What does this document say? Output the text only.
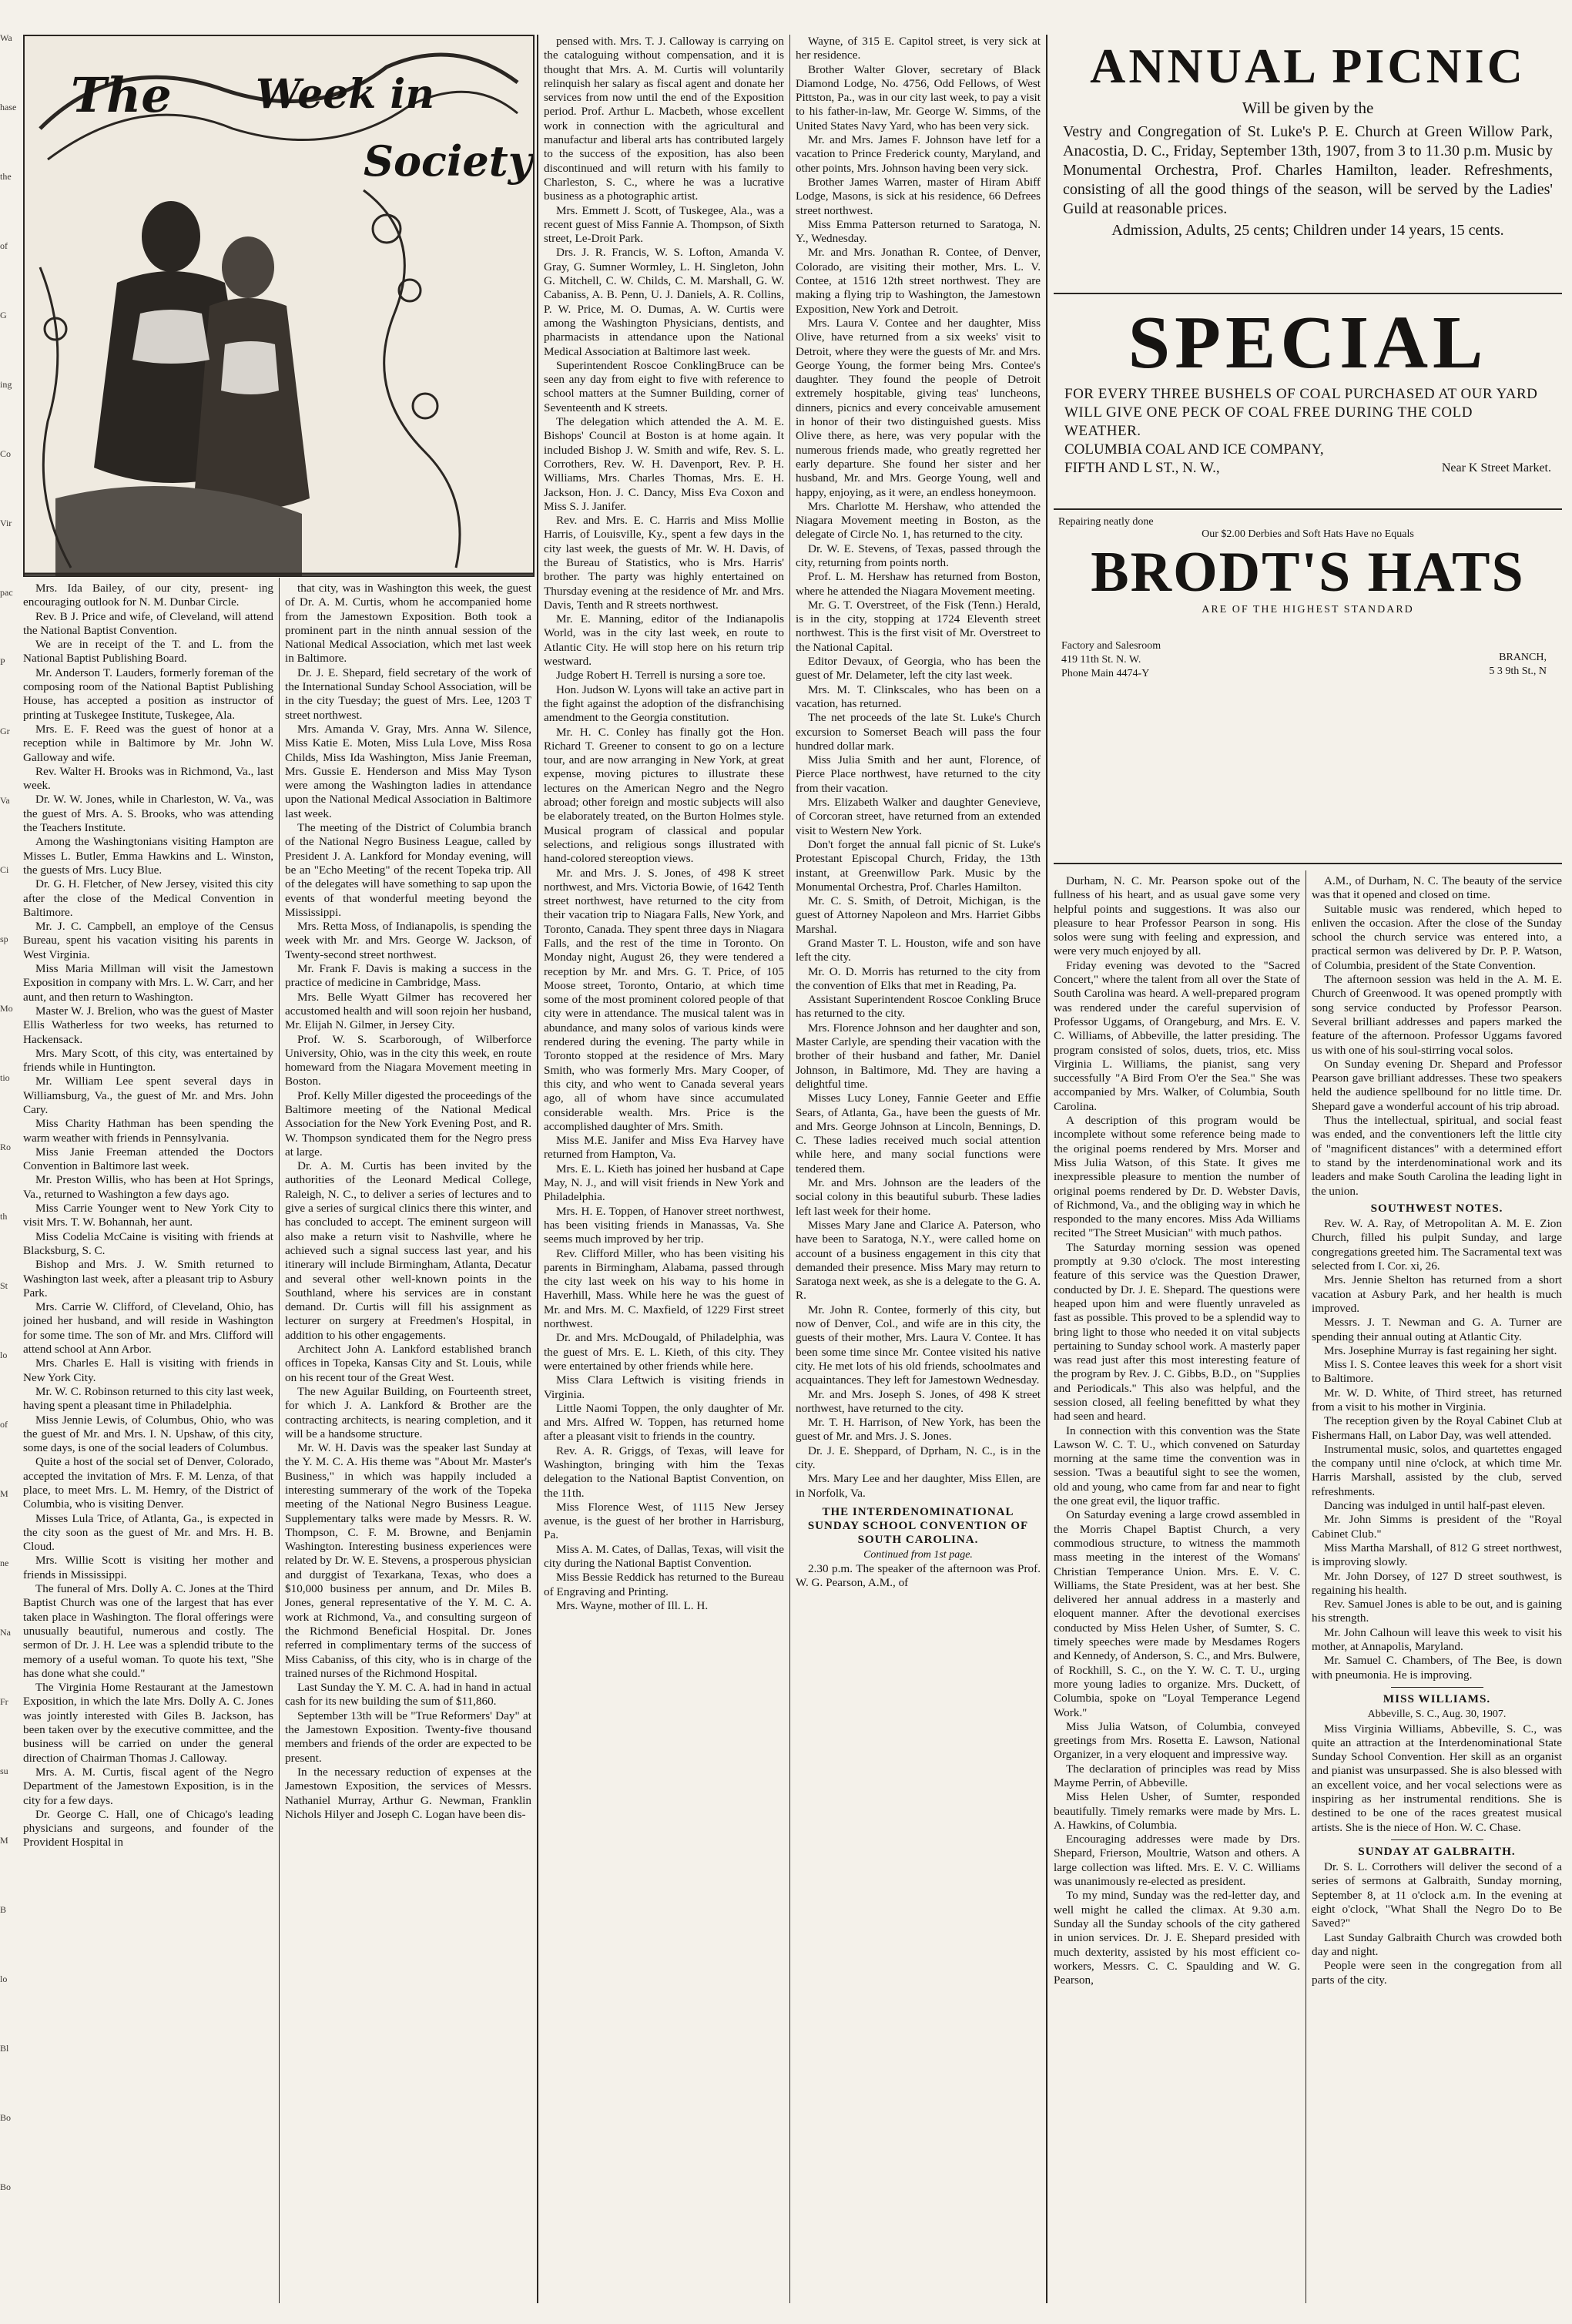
Wa
hase
the
of
G
ing
Co
Vir
pac
P
Gr
Va
Ci
sp
Mo
tio
Ro
th
St
lo
of
M
ne
Na
Fr
su
M
B
lo
Bl
Bo
Bo
The Week in
Society

Mrs. Ida Bailey, of our city, present- ing encouraging outlook for N. M. Dunbar Circle.

Rev. B J. Price and wife, of Cleveland, will attend the National Baptist Convention.

We are in receipt of the T. and L. from the National Baptist Publishing Board.

Mr. Anderson T. Lauders, formerly foreman of the composing room of the National Baptist Publishing House, has accepted a position as instructor of printing at Tuskegee Institute, Tuskegee, Ala.

Mrs. E. F. Reed was the guest of honor at a reception while in Baltimore by Mr. John W. Galloway and wife.

Rev. Walter H. Brooks was in Richmond, Va., last week.

Dr. W. W. Jones, while in Charleston, W. Va., was the guest of Mrs. A. S. Brooks, who was attending the Teachers Institute.

Among the Washingtonians visiting Hampton are Misses L. Butler, Emma Hawkins and L. Winston, the guests of Mrs. Lucy Blue.

Dr. G. H. Fletcher, of New Jersey, visited this city after the close of the Medical Convention in Baltimore.

Mr. J. C. Campbell, an employe of the Census Bureau, spent his vacation visiting his parents in West Virginia.

Miss Maria Millman will visit the Jamestown Exposition in company with Mrs. L. W. Carr, and her aunt, and then return to Washington.

Master W. J. Brelion, who was the guest of Master Ellis Watherless for two weeks, has returned to Hackensack.

Mrs. Mary Scott, of this city, was entertained by friends while in Huntington.

Mr. William Lee spent several days in Williamsburg, Va., the guest of Mr. and Mrs. John Cary.

Miss Charity Hathman has been spending the warm weather with friends in Pennsylvania.

Miss Janie Freeman attended the Doctors Convention in Baltimore last week.

Mr. Preston Willis, who has been at Hot Springs, Va., returned to Washington a few days ago.

Miss Carrie Younger went to New York City to visit Mrs. T. W. Bohannah, her aunt.

Miss Codelia McCaine is visiting with friends at Blacksburg, S. C.

Bishop and Mrs. J. W. Smith returned to Washington last week, after a pleasant trip to Asbury Park.

Mrs. Carrie W. Clifford, of Cleveland, Ohio, has joined her husband, and will reside in Washington for some time. The son of Mr. and Mrs. Clifford will attend school at Ann Arbor.

Mrs. Charles E. Hall is visiting with friends in New York City.

Mr. W. C. Robinson returned to this city last week, having spent a pleasant time in Philadelphia.

Miss Jennie Lewis, of Columbus, Ohio, who was the guest of Mr. and Mrs. I. N. Upshaw, of this city, some days, is one of the social leaders of Columbus.

Quite a host of the social set of Denver, Colorado, accepted the invitation of Mrs. F. M. Lenza, of that place, to meet Mrs. L. M. Hemry, of the District of Columbia, who is visiting Denver.

Misses Lula Trice, of Atlanta, Ga., is expected in the city soon as the guest of Mr. and Mrs. H. B. Cloud.

Mrs. Willie Scott is visiting her mother and friends in Mississippi.

The funeral of Mrs. Dolly A. C. Jones at the Third Baptist Church was one of the largest that has ever taken place in Washington. The floral offerings were unusually beautiful, numerous and costly. The sermon of Dr. J. H. Lee was a splendid tribute to the memory of a useful woman. To quote his text, "She has done what she could."

The Virginia Home Restaurant at the Jamestown Exposition, in which the late Mrs. Dolly A. C. Jones was jointly interested with Giles B. Jackson, has been taken over by the executive committee, and the business will be carried on under the general direction of Chairman Thomas J. Calloway.

Mrs. A. M. Curtis, fiscal agent of the Negro Department of the Jamestown Exposition, is in the city for a few days.

Dr. George C. Hall, one of Chicago's leading physicians and surgeons, and founder of the Provident Hospital in

that city, was in Washington this week, the guest of Dr. A. M. Curtis, whom he accompanied home from the Jamestown Exposition. Both took a prominent part in the ninth annual session of the National Medical Association, which met last week in Baltimore.

Dr. J. E. Shepard, field secretary of the work of the International Sunday School Association, will be in the city Tuesday; the guest of Mrs. Lee, 1203 T street northwest.

Mrs. Amanda V. Gray, Mrs. Anna W. Silence, Miss Katie E. Moten, Miss Lula Love, Miss Rosa Childs, Miss Ida Washington, Miss Janie Freeman, Mrs. Gussie E. Henderson and Miss May Tyson were among the Washington ladies in attendance upon the National Medical Association in Baltimore last week.

The meeting of the District of Columbia branch of the National Negro Business League, called by President J. A. Lankford for Monday evening, will be an "Echo Meeting" of the recent Topeka trip. All of the delegates will have something to sap upon the events of that wonderful meeting beyond the Mississippi.

Mrs. Retta Moss, of Indianapolis, is spending the week with Mr. and Mrs. George W. Jackson, of Twenty-second street northwest.

Mr. Frank F. Davis is making a success in the practice of medicine in Cambridge, Mass.

Mrs. Belle Wyatt Gilmer has recovered her accustomed health and will soon rejoin her husband, Mr. Elijah N. Gilmer, in Jersey City.

Prof. W. S. Scarborough, of Wilberforce University, Ohio, was in the city this week, en route homeward from the Niagara Movement meeting in Boston.

Prof. Kelly Miller digested the proceedings of the Baltimore meeting of the National Medical Association for the New York Evening Post, and R. W. Thompson syndicated them for the Negro press at large.

Dr. A. M. Curtis has been invited by the authorities of the Leonard Medical College, Raleigh, N. C., to deliver a series of lectures and to give a series of surgical clinics there this winter, and has concluded to accept. The eminent surgeon will also make a return visit to Nashville, where he achieved such a signal success last year, and his itinerary will include Birmingham, Atlanta, Decatur and several other well-known points in the Southland, where his services are in constant demand. Dr. Curtis will fill his assignment as lecturer on surgery at Freedmen's Hospital, in addition to his other engagements.

Architect John A. Lankford established branch offices in Topeka, Kansas City and St. Louis, while on his recent tour of the Great West.

The new Aguilar Building, on Fourteenth street, for which J. A. Lankford & Brother are the contracting architects, is nearing completion, and it will be a handsome structure.

Mr. W. H. Davis was the speaker last Sunday at the Y. M. C. A. His theme was "About Mr. Master's Business," in which was happily included a interesting summerary of the work of the Topeka meeting of the National Negro Business League. Supplementary talks were made by Messrs. R. W. Thompson, C. F. M. Browne, and Benjamin Washington. Interesting business experiences were related by Dr. W. E. Stevens, a prosperous physician and durggist of Texarkana, Texas, who does a $10,000 business per annum, and Dr. Miles B. Jones, general representative of the Y. M. C. A. work at Richmond, Va., and consulting surgeon of the Richmond Beneficial Hospital. Dr. Jones referred in complimentary terms of the success of Miss Cabaniss, of this city, who is in charge of the trained nurses of the Richmond Hospital.

Last Sunday the Y. M. C. A. had in hand in actual cash for its new building the sum of $11,860.

September 13th will be "True Reformers' Day" at the Jamestown Exposition. Twenty-five thousand members and friends of the order are expected to be present.

In the necessary reduction of expenses at the Jamestown Exposition, the services of Messrs. Nathaniel Murray, Arthur G. Newman, Franklin Nichols Hilyer and Joseph C. Logan have been dis-

pensed with. Mrs. T. J. Calloway is carrying on the cataloguing without compensation, and it is thought that Mrs. A. M. Curtis will voluntarily relinquish her salary as fiscal agent and donate her services from now until the end of the Exposition period. Prof. Arthur L. Macbeth, whose excellent work in connection with the agricultural and manufactur and liberal arts has contributed largely to the success of the exposition, has also been discontinued and will return with his family to Charleston, S. C., where he was a lucrative business as a photographic artist.

Mrs. Emmett J. Scott, of Tuskegee, Ala., was a recent guest of Miss Fannie A. Thompson, of Sixth street, Le-Droit Park.

Drs. J. R. Francis, W. S. Lofton, Amanda V. Gray, G. Sumner Wormley, L. H. Singleton, John G. Mitchell, C. W. Childs, C. M. Marshall, G. W. Cabaniss, A. B. Penn, U. J. Daniels, A. R. Collins, P. W. Price, M. O. Dumas, A. W. Curtis were among the Washington Physicians, dentists, and pharmacists in attendance upon the National Medical Association at Baltimore last week.

Superintendent Roscoe ConklingBruce can be seen any day from eight to five with reference to school matters at the Sumner Building, corner of Seventeenth and K streets.

The delegation which attended the A. M. E. Bishops' Council at Boston is at home again. It included Bishop J. W. Smith and wife, Rev. S. L. Corrothers, Rev. W. H. Davenport, Rev. P. H. Williams, Mrs. Charles Thomas, Mrs. E. H. Jackson, Hon. J. C. Dancy, Miss Eva Coxon and Miss S. J. Janifer.

Rev. and Mrs. E. C. Harris and Miss Mollie Harris, of Louisville, Ky., spent a few days in the city last week, the guests of Mr. W. H. Davis, of the Bureau of Statistics, who is Mrs. Harris' brother. The party was highly entertained on Thursday evening at the residence of Mr. and Mrs. Davis, Tenth and R streets northwest.

Mr. E. Manning, editor of the Indianapolis World, was in the city last week, en route to Atlantic City. He will stop here on his return trip westward.

Judge Robert H. Terrell is nursing a sore toe.

Hon. Judson W. Lyons will take an active part in the fight against the adoption of the disfranchising amendment to the Georgia constitution.

Mr. H. C. Conley has finally got the Hon. Richard T. Greener to consent to go on a lecture tour, and are now arranging in New York, at great expense, moving pictures to illustrate these lectures on the American Negro and the Negro abroad; other foreign and mostic subjects will also be elaborately treated, on the Burton Holmes style. Musical program of classical and popular selections, and religious songs illustrated with hand-colored stereoption views.

Mr. and Mrs. J. S. Jones, of 498 K street northwest, and Mrs. Victoria Bowie, of 1642 Tenth street northwest, have returned to the city from their vacation trip to Niagara Falls, New York, and Toronto, Canada. They spent three days in Niagara Falls, and the rest of the time in Toronto. On Monday night, August 26, they were tendered a reception by Mr. and Mrs. G. T. Price, of 105 Moose street, Toronto, Ontario, at which time some of the most prominent colored people of that city were in attendance. The musical talent was in abundance, and many solos of various kinds were rendered during the evening. The party while in Toronto stopped at the residence of Mrs. Mary Smith, who was formerly Mrs. Mary Cooper, of this city, and who went to Canada several years ago, all of whom have since accumulated considerable wealth. Mrs. Price is the accomplished daughter of Mrs. Smith.

Miss M.E. Janifer and Miss Eva Harvey have returned from Hampton, Va.

Mrs. E. L. Kieth has joined her husband at Cape May, N. J., and will visit friends in New York and Philadelphia.

Mrs. H. E. Toppen, of Hanover street northwest, has been visiting friends in Manassas, Va. She seems much improved by her trip.

Rev. Clifford Miller, who has been visiting his parents in Birmingham, Alabama, passed through the city last week on his way to his home in Haverhill, Mass. While here he was the guest of Mr. and Mrs. M. C. Maxfield, of 1229 First street northwest.

Dr. and Mrs. McDougald, of Philadelphia, was the guest of Mrs. E. L. Kieth, of this city. They were entertained by other friends while here.

Miss Clara Leftwich is visiting friends in Virginia.

Little Naomi Toppen, the only daughter of Mr. and Mrs. Alfred W. Toppen, has returned home after a pleasant visit to friends in the country.

Rev. A. R. Griggs, of Texas, will leave for Washington, bringing with him the Texas delegation to the National Baptist Convention, on the 11th.

Miss Florence West, of 1115 New Jersey avenue, is the guest of her brother in Harrisburg, Pa.

Miss A. M. Cates, of Dallas, Texas, will visit the city during the National Baptist Convention.

Miss Bessie Reddick has returned to the Bureau of Engraving and Printing.

Mrs. Wayne, mother of Ill. L. H.

Wayne, of 315 E. Capitol street, is very sick at her residence.

Brother Walter Glover, secretary of Black Diamond Lodge, No. 4756, Odd Fellows, of West Pittston, Pa., was in our city last week, to pay a visit to his father-in-law, Mr. George W. Simms, of the United States Navy Yard, who has been very sick.

Mr. and Mrs. James F. Johnson have letf for a vacation to Prince Frederick county, Maryland, and other points, Mrs. Johnson having been very sick.

Brother James Warren, master of Hiram Abiff Lodge, Masons, is sick at his residence, 66 Defrees street northwest.

Miss Emma Patterson returned to Saratoga, N. Y., Wednesday.

Mr. and Mrs. Jonathan R. Contee, of Denver, Colorado, are visiting their mother, Mrs. L. V. Contee, at 1516 12th street northwest. They are making a flying trip to Washington, the Jamestown Exposition, New York and Detroit.

Mrs. Laura V. Contee and her daughter, Miss Olive, have returned from a six weeks' visit to Detroit, where they were the guests of Mr. and Mrs. George Young, the former being Mrs. Contee's daughter. They found the people of Detroit extremely hospitable, giving teas' luncheons, dinners, picnics and every conceivable amusement in honor of their two distinguished guests. Miss Olive there, as here, was very popular with the numerous friends made, who greatly regretted her early departure. She found her sister and her husband, Mr. and Mrs. George Young, well and happy, enjoying, as it were, an endless honeymoon.

Mrs. Charlotte M. Hershaw, who attended the Niagara Movement meeting in Boston, as the delegate of Circle No. 1, has returned to the city.

Dr. W. E. Stevens, of Texas, passed through the city, returning from points north.

Prof. L. M. Hershaw has returned from Boston, where he attended the Niagara Movement meeting.

Mr. G. T. Overstreet, of the Fisk (Tenn.) Herald, is in the city, stopping at 1724 Eleventh street northwest. This is the first visit of Mr. Overstreet to the National Capital.

Editor Devaux, of Georgia, who has been the guest of Mr. Delameter, left the city last week.

Mrs. M. T. Clinkscales, who has been on a vacation, has returned.

The net proceeds of the late St. Luke's Church excursion to Somerset Beach will pass the four hundred dollar mark.

Miss Julia Smith and her aunt, Florence, of Pierce Place northwest, have returned to the city from their vacation.

Mrs. Elizabeth Walker and daughter Genevieve, of Corcoran street, have returned from an extended visit to Western New York.

Don't forget the annual fall picnic of St. Luke's Protestant Episcopal Church, Friday, the 13th instant, at Greenwillow Park. Music by the Monumental Orchestra, Prof. Charles Hamilton.

Mr. C. S. Smith, of Detroit, Michigan, is the guest of Attorney Napoleon and Mrs. Harriet Gibbs Marshal.

Grand Master T. L. Houston, wife and son have left the city.

Mr. O. D. Morris has returned to the city from the convention of Elks that met in Reading, Pa.

Assistant Superintendent Roscoe Conkling Bruce has returned to the city.

Mrs. Florence Johnson and her daughter and son, Master Carlyle, are spending their vacation with the brother of their husband and father, Mr. Daniel Johnson, in Baltimore, Md. They are having a delightful time.

Misses Lucy Loney, Fannie Geeter and Effie Sears, of Atlanta, Ga., have been the guests of Mr. and Mrs. George Johnson at Lincoln, Bennings, D. C. These ladies received much social attention while here, and many social functions were tendered them.

Mr. and Mrs. Johnson are the leaders of the social colony in this beautiful suburb. These ladies left last week for their home.

Misses Mary Jane and Clarice A. Paterson, who have been to Saratoga, N.Y., were called home on account of a business engagement in this city that demanded their presence. Miss Mary may return to Saratoga next week, as she is a delegate to the G. A. R.

Mr. John R. Contee, formerly of this city, but now of Denver, Col., and wife are in this city, the guests of their mother, Mrs. Laura V. Contee. It has been some time since Mr. Contee visited his native city. He met lots of his old friends, schoolmates and acquaintances. They left for Jamestown Wednesday.

Mr. and Mrs. Joseph S. Jones, of 498 K street northwest, have returned to the city.

Mr. T. H. Harrison, of New York, has been the guest of Mr. and Mrs. J. S. Jones.

Dr. J. E. Sheppard, of Dprham, N. C., is in the city.

Mrs. Mary Lee and her daughter, Miss Ellen, are in Norfolk, Va.

THE INTERDENOMINATIONAL SUNDAY SCHOOL CONVENTION OF SOUTH CAROLINA.
Continued from 1st page.

2.30 p.m. The speaker of the afternoon was Prof. W. G. Pearson, A.M., of

ANNUAL PICNIC
Will be given by the
Vestry and Congregation of St. Luke's P. E. Church at Green Willow Park, Anacostia, D. C., Friday, September 13th, 1907, from 3 to 11.30 p.m. Music by Monumental Orchestra, Prof. Charles Hamilton, leader. Refreshments, consisting of all the good things of the season, will be served by the Ladies' Guild at reasonable prices.
Admission, Adults, 25 cents; Children under 14 years, 15 cents.
SPECIAL
FOR EVERY THREE BUSHELS OF COAL PURCHASED AT OUR YARD WILL GIVE ONE PECK OF COAL FREE DURING THE COLD WEATHER.
COLUMBIA COAL AND ICE COMPANY,
FIFTH AND L ST., N. W.,	Near K Street Market.
Repairing neatly done
Our $2.00 Derbies and Soft Hats Have no Equals
BRODT'S HATS
ARE OF THE HIGHEST STANDARD
Factory and Salesroom
419 11th St. N. W.
Phone Main 4474-Y
BRANCH,
5 3 9th St., N

Durham, N. C. Mr. Pearson spoke out of the fullness of his heart, and as usual gave some very helpful points and suggestions. It was also our pleasure to hear Professor Pearson in song. His solos were sung with feeling and expression, and were very much enjoyed by all.

Friday evening was devoted to the "Sacred Concert," where the talent from all over the State of South Carolina was heard. A well-prepared program was rendered under the careful supervision of Professor Uggams, of Orangeburg, and Mrs. E. V. C. Williams, of Abbeville, the latter presiding. The program consisted of solos, duets, trios, etc. Miss Virginia L. Williams, the pianist, sang very successfully "A Bird From O'er the Sea." She was accompanied by Mrs. Walker, of Columbia, South Carolina.

A description of this program would be incomplete without some reference being made to the original poems rendered by Mrs. Morser and Miss Julia Watson, of this State. It gives me inexpressible pleasure to mention the number of original poems rendered by Dr. D. Webster Davis, of Richmond, Va., and the obliging way in which he responded to the many encores. Miss Ada Williams recited "The Street Musician" with much pathos.

The Saturday morning session was opened promptly at 9.30 o'clock. The most interesting feature of this service was the Question Drawer, conducted by Dr. J. E. Shepard. The questions were heaped upon him and were fluently unraveled as fast as possible. This proved to be a splendid way to bring light to those who needed it on vital subjects pertaining to Sunday school work. A masterly paper was read just after this most interesting feature of the program by Rev. J. C. Gibbs, B.D., on "Supplies and Periodicals." This also was helpful, and the session closed, all feeling benefitted by what they had seen and heard.

In connection with this convention was the State Lawson W. C. T. U., which convened on Saturday morning at the same time the convention was in session. 'Twas a beautiful sight to see the women, old and young, who came from far and near to fight the one great evil, the liquor traffic.

On Saturday evening a large crowd assembled in the Morris Chapel Baptist Church, a very commodious structure, to witness the mammoth mass meeting in the interest of the Womans' Christian Temperance Union. Mrs. E. V. C. Williams, the State President, was at her best. She delivered her annual address in a masterly and eloquent manner. After the devotional exercises conducted by Miss Helen Usher, of Sumter, S. C. timely speeches were made by Mesdames Rogers and Kennedy, of Anderson, S. C., and Mrs. Bulwere, of Rockhill, S. C., on the Y. W. C. T. U., urging more young ladies to organize. Mrs. Duckett, of Columbia, spoke on "Loyal Temperance Legend Work."

Miss Julia Watson, of Columbia, conveyed greetings from Mrs. Rosetta E. Lawson, National Organizer, in a very eloquent and impressive way.

The declaration of principles was read by Miss Mayme Perrin, of Abbeville.

Miss Helen Usher, of Sumter, responded beautifully. Timely remarks were made by Mrs. L. A. Hawkins, of Columbia.

Encouraging addresses were made by Drs. Shepard, Frierson, Moultrie, Watson and others. A large collection was lifted. Mrs. E. V. C. Williams was unanimously re-elected as president.

To my mind, Sunday was the red-letter day, and well might he called the climax. At 9.30 a.m. Sunday all the Sunday schools of the city gathered in union services. Dr. J. E. Shepard presided with much dexterity, assisted by his most efficient co-workers, Messrs. C. C. Spaulding and W. G. Pearson,

A.M., of Durham, N. C. The beauty of the service was that it opened and closed on time.

Suitable music was rendered, which heped to enliven the occasion. After the close of the Sunday school the church service was entered into, a practical sermon was delivered by Dr. P. P. Watson, of Columbia, president of the State Convention.

The afternoon session was held in the A. M. E. Church of Greenwood. It was opened promptly with song service conducted by Professor Pearson. Several brilliant addresses and papers marked the feature of the afternoon. Professor Uggams favored us with one of his soul-stirring vocal solos.

On Sunday evening Dr. Shepard and Professor Pearson gave brilliant addresses. These two speakers held the audience spellbound for no little time. Dr. Shepard gave a wonderful account of his trip abroad.

Thus the intellectual, spiritual, and social feast was ended, and the conventioners left the little city of "magnificent distances" with a determined effort to stand by the interdenominational work and its leaders and make South Carolina the leading light in the union.

SOUTHWEST NOTES.

Rev. W. A. Ray, of Metropolitan A. M. E. Zion Church, filled his pulpit Sunday, and large congregations greeted him. The Sacramental text was selected from I. Cor. xi, 26.

Mrs. Jennie Shelton has returned from a short vacation at Asbury Park, and her health is much improved.

Messrs. J. T. Newman and G. A. Turner are spending their annual outing at Atlantic City.

Mrs. Josephine Murray is fast regaining her sight.

Miss I. S. Contee leaves this week for a short visit to Baltimore.

Mr. W. D. White, of Third street, has returned from a visit to his mother in Virginia.

The reception given by the Royal Cabinet Club at Fishermans Hall, on Labor Day, was well attended.

Instrumental music, solos, and quartettes engaged the company until nine o'clock, at which time Mr. Harris Marshall, assisted by the club, served refreshments.

Dancing was indulged in until half-past eleven.

Mr. John Simms is president of the "Royal Cabinet Club."

Miss Martha Marshall, of 812 G street northwest, is improving slowly.

Mr. John Dorsey, of 127 D street southwest, is regaining his health.

Rev. Samuel Jones is able to be out, and is gaining his strength.

Mr. John Calhoun will leave this week to visit his mother, at Annapolis, Maryland.

Mr. Samuel C. Chambers, of The Bee, is down with pneumonia. He is improving.

MISS WILLIAMS.
Abbeville, S. C., Aug. 30, 1907.

Miss Virginia Williams, Abbeville, S. C., was quite an attraction at the Interdenominational State Sunday School Convention. Her skill as an organist and pianist was unsurpassed. She is also blessed with an excellent voice, and her vocal selections were as inspiring as her instrumental renditions. She is destined to be one of the races greatest musical artists. She is the niece of Hon. W. C. Chase.

SUNDAY AT GALBRAITH.

Dr. S. L. Corrothers will deliver the second of a series of sermons at Galbraith, Sunday morning, September 8, at 11 o'clock a.m. In the evening at eight o'clock, "What Shall the Negro Do to Be Saved?"

Last Sunday Galbraith Church was crowded both day and night.

People were seen in the congregation from all parts of the city.
